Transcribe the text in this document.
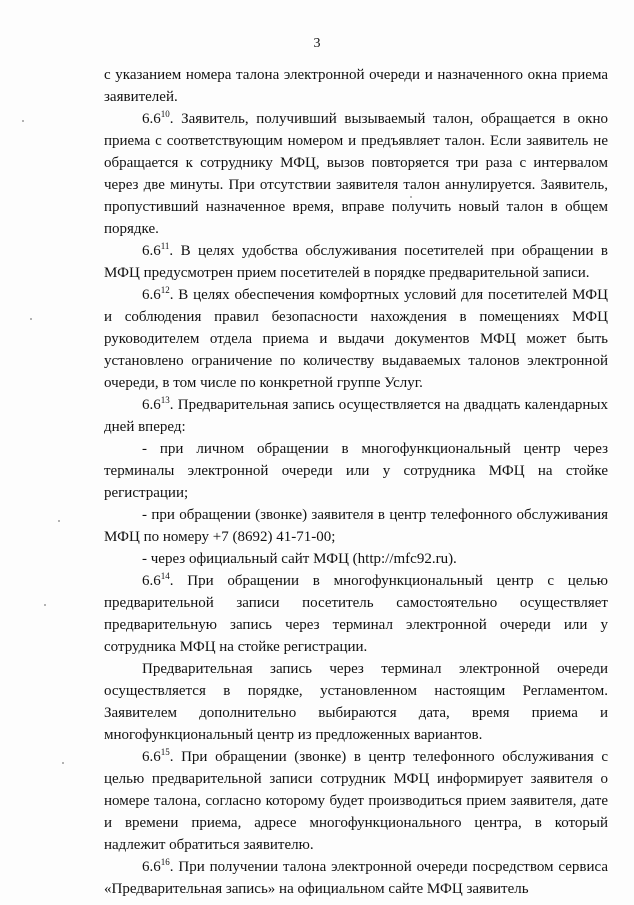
3

с указанием номера талона электронной очереди и назначенного окна приема заявителей.

$6.6^{10}$. Заявитель, получивший вызываемый талон, обращается в окно приема с соответствующим номером и предъявляет талон. Если заявитель не обращается к сотруднику МФЦ, вызов повторяется три раза с интервалом через две минуты. При отсутствии заявителя талон аннулируется. Заявитель, пропустивший назначенное время, вправе получить новый талон в общем порядке.

$6.6^{11}$. В целях удобства обслуживания посетителей при обращении в МФЦ предусмотрен прием посетителей в порядке предварительной записи.

$6.6^{12}$. В целях обеспечения комфортных условий для посетителей МФЦ и соблюдения правил безопасности нахождения в помещениях МФЦ руководителем отдела приема и выдачи документов МФЦ может быть установлено ограничение по количеству выдаваемых талонов электронной очереди, в том числе по конкретной группе Услуг.

$6.6^{13}$. Предварительная запись осуществляется на двадцать календарных дней вперед:

- при личном обращении в многофункциональный центр через терминалы электронной очереди или у сотрудника МФЦ на стойке регистрации;

- при обращении (звонке) заявителя в центр телефонного обслуживания МФЦ по номеру +7 (8692) 41-71-00;

- через официальный сайт МФЦ (http://mfc92.ru).

$6.6^{14}$. При обращении в многофункциональный центр с целью предварительной записи посетитель самостоятельно осуществляет предварительную запись через терминал электронной очереди или у сотрудника МФЦ на стойке регистрации.

Предварительная запись через терминал электронной очереди осуществляется в порядке, установленном настоящим Регламентом. Заявителем дополнительно выбираются дата, время приема и многофункциональный центр из предложенных вариантов.

$6.6^{15}$. При обращении (звонке) в центр телефонного обслуживания с целью предварительной записи сотрудник МФЦ информирует заявителя о номере талона, согласно которому будет производиться прием заявителя, дате и времени приема, адресе многофункционального центра, в который надлежит обратиться заявителю.

$6.6^{16}$. При получении талона электронной очереди посредством сервиса «Предварительная запись» на официальном сайте МФЦ заявитель
